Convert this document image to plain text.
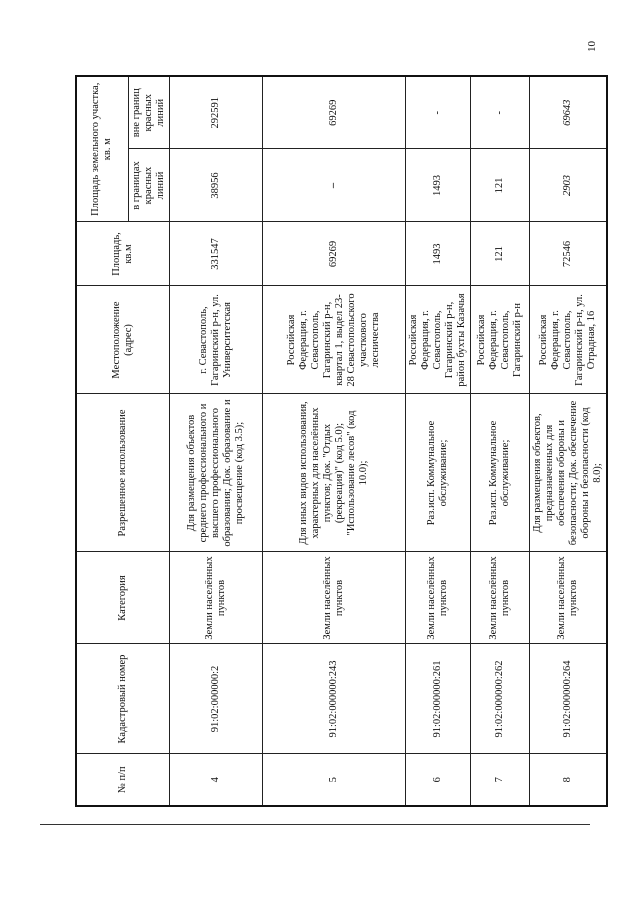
10
№ п/п	Кадастровый номер	Категория	Разрешенное использование	Местоположение (адрес)	Площадь, кв.м	Площадь земельного участка, кв. м	
						в границах красных линий	вне границ красных линий
4	91:02:000000:2	Земли населённых пунктов	Для размещения объектов среднего профессионального и высшего профессионального образования; Док. образование и просвещение (код 3.5);	г. Севастополь, Гагаринский р-н, ул. Университетская	331547	38956	292591
5	91:02:000000:243	Земли населённых пунктов	Для иных видов использования, характерных для населённых пунктов; Док. "Отдых (рекреация)" (код 5.0); "Использование лесов" (код 10.0);	Российская Федерация, г. Севастополь, Гагаринский р-н, квартал 1, выдел 23-28 Севастопольского участкового лесничества	69269	–	69269
6	91:02:000000:261	Земли населённых пунктов	Раз.исп. Коммунальное обслуживание;	Российская Федерация, г. Севастополь, Гагаринский р-н, район бухты Казачья	1493	1493	-
7	91:02:000000:262	Земли населённых пунктов	Раз.исп. Коммунальное обслуживание;	Российская Федерация, г. Севастополь, Гагаринский р-н	121	121	-
8	91:02:000000:264	Земли населённых пунктов	Для размещения объектов, предназначенных для обеспечения обороны и безопасности; Док. обеспечение обороны и безопасности (код 8.0);	Российская Федерация, г. Севастополь, Гагаринский р-н, ул. Отрадная, 16	72546	2903	69643
